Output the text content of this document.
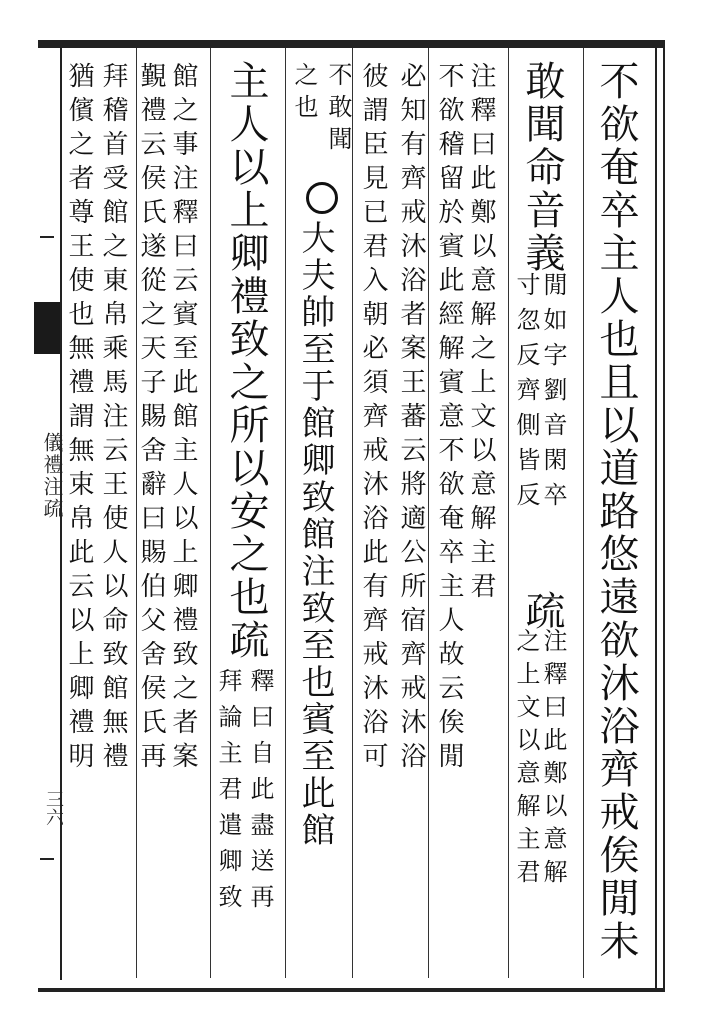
儀禮注疏
三六	不欲奄卒主人也且以道路悠遠欲沐浴齊戒俟閒未
敢聞命音義
閒如字劉音閑卒
寸忽反齊側皆反
疏
注釋曰此鄭以意解
之上文以意解主君
注釋曰此鄭以意解之上文以意解主君
不欲稽留於賓此經解賓意不欲奄卒主人故云俟閒
必知有齊戒沐浴者案王蕃云將適公所宿齊戒沐浴
彼謂臣見已君入朝必須齊戒沐浴此有齊戒沐浴可
不敢聞
之也
大夫帥至于館卿致館注致至也賓至此館
主人以上卿禮致之所以安之也疏
釋曰自此盡送再
拜論主君遣卿致
館之事注釋曰云賓至此館主人以上卿禮致之者案
覲禮云侯氏遂從之天子賜舍辭曰賜伯父舍侯氏再
拜稽首受館之東帛乘馬注云王使人以命致館無禮
猶儐之者尊王使也無禮謂無束帛此云以上卿禮明
